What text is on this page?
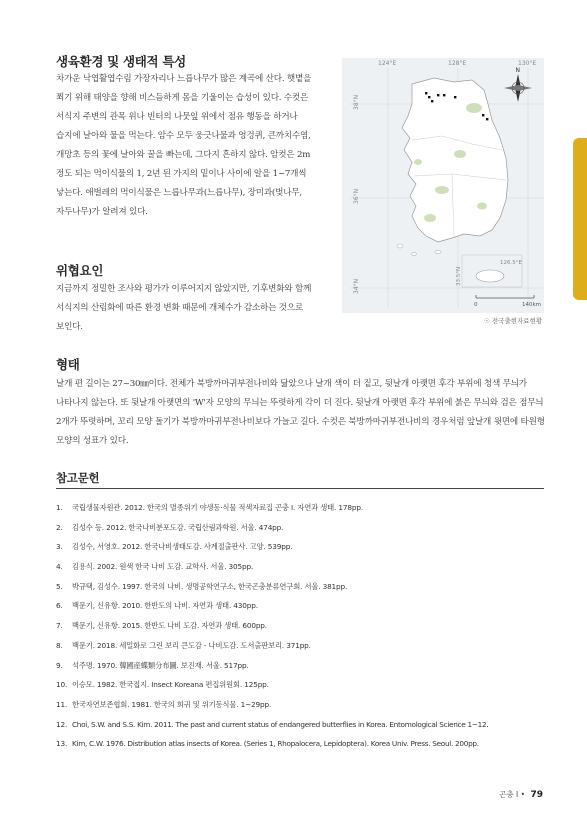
생육환경 및 생태적 특성
차가운 낙엽활엽수림 가장자리나 느릅나무가 많은 계곡에 산다. 햇볕을 쬐기 위해 태양을 향해 비스듬하게 몸을 기울이는 습성이 있다. 수컷은 서식지 주변의 관목 위나 빈터의 나뭇잎 위에서 점유 행동을 하거나 습지에 날아와 물을 먹는다. 암수 모두 웅긋나물과 엉겅퀴, 큰까치수염, 개망초 등의 꽃에 날아와 꿀을 빠는데, 그다지 흔하지 않다. 암컷은 2m 정도 되는 먹이식물의 1, 2년 된 가지의 밑이나 사이에 알을 1~7개씩 낳는다. 애벌레의 먹이식물은 느릅나무과(느릅나무), 장미과(벚나무, 자두나무)가 알려져 있다.
위협요인
지금까지 정밀한 조사와 평가가 이루어지지 않았지만, 기후변화와 함께 서식지의 산림화에 따른 환경 변화 때문에 개체수가 감소하는 것으로 보인다.
124°E	128°E	130°E
38°N
36°N
34°N
N
126.5°E
33.5°N
0	140km
☉ 전국출현자료현황
형태
날개 편 길이는 27~30㎜이다. 전체가 북방까마귀부전나비와 닮았으나 날개 색이 더 짙고, 뒷날개 아랫면 후각 부위에 청색 무늬가 나타나지 않는다. 또 뒷날개 아랫면의 'W'자 모양의 무늬는 뚜렷하게 각이 더 진다. 뒷날개 아랫면 후각 부위에 붉은 무늬와 검은 점무늬 2개가 뚜렷하며, 꼬리 모양 돌기가 북방까마귀부전나비보다 가늘고 길다. 수컷은 북방까마귀부전나비의 경우처럼 앞날개 윗면에 타원형 모양의 성표가 있다.
참고문헌
1. 국립생물자원관. 2012. 한국의 멸종위기 야생동·식물 적색자료집 곤충 I. 자연과 생태. 178pp.
2. 김성수 등. 2012. 한국나비분포도감. 국립산림과학원. 서울. 474pp.
3. 김성수, 서영호. 2012. 한국나비생태도감. 사계절출판사. 고양. 539pp.
4. 김용식. 2002. 원색 한국 나비 도감. 교학사. 서울. 305pp.
5. 박규택, 김성수. 1997. 한국의 나비. 생명공학연구소, 한국곤충분류연구회. 서울. 381pp.
6. 백문기, 신유항. 2010. 한반도의 나비. 자연과 생태. 430pp.
7. 백문기, 신유항. 2015. 한반도 나비 도감. 자연과 생태. 600pp.
8. 백문기. 2018. 세밀화로 그린 보리 큰도감 - 나비도감. 도서출판보리. 371pp.
9. 석주명. 1970. 韓國産蝶類分布圖. 보진재. 서울. 517pp.
10. 이승모. 1982. 한국접지. Insect Koreana 편집위원회. 125pp.
11. 한국자연보존협회. 1981. 한국의 희귀 및 위기동식물. 1~29pp.
12. Choi, S.W. and S.S. Kim. 2011. The past and current status of endangered butterflies in Korea. Entomological Science 1~12.
13. Kim, C.W. 1976. Distribution atlas insects of Korea. (Series 1, Rhopalocera, Lepidoptera). Korea Univ. Press. Seoul. 200pp.
곤충 I • 79
